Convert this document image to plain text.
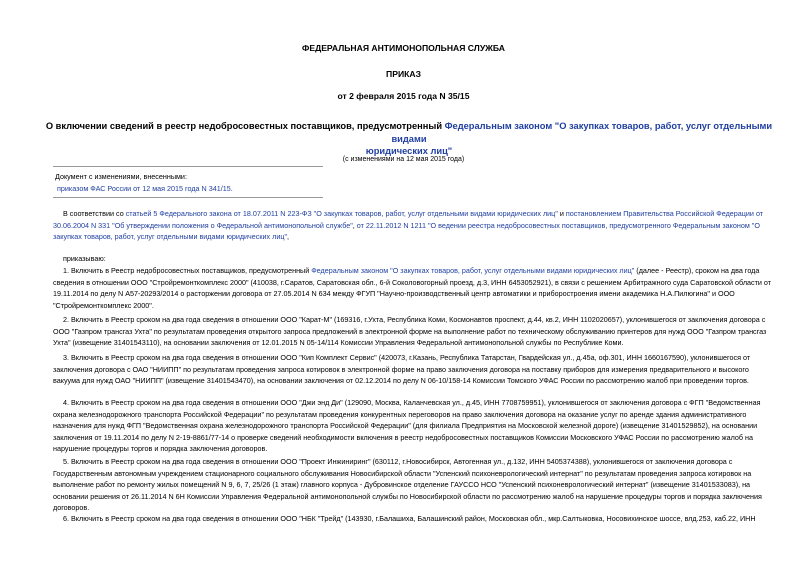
ФЕДЕРАЛЬНАЯ АНТИМОНОПОЛЬНАЯ СЛУЖБА

ПРИКАЗ

от 2 февраля 2015 года N 35/15

О включении сведений в реестр недобросовестных поставщиков, предусмотренный Федеральным законом "О закупках товаров, работ, услуг отдельными видами
юридических лиц"
(с изменениями на 12 мая 2015 года)
Документ с изменениями, внесенными:
приказом ФАС России от 12 мая 2015 года N 341/15.
В соответствии со статьей 5 Федерального закона от 18.07.2011 N 223-ФЗ "О закупках товаров, работ, услуг отдельными видами юридических лиц" и постановлением Правительства Российской Федерации от
30.06.2004 N 331 "Об утверждении положения о Федеральной антимонопольной службе", от 22.11.2012 N 1211 "О ведении реестра недобросовестных поставщиков, предусмотренного Федеральным законом "О
закупках товаров, работ, услуг отдельными видами юридических лиц",
приказываю:
1. Включить в Реестр недобросовестных поставщиков, предусмотренный Федеральным законом "О закупках товаров, работ, услуг отдельными видами юридических лиц" (далее - Реестр), сроком на два года
сведения в отношении ООО "Стройремонткомплекс 2000" (410038, г.Саратов, Саратовская обл., 6-й Соколовогорный проезд, д.3, ИНН 6453052921), в связи с решением Арбитражного суда Саратовской области от
19.11.2014 по делу N А57-20293/2014 о расторжении договора от 27.05.2014 N 634 между ФГУП "Научно-производственный центр автоматики и приборостроения имени академика Н.А.Пилюгина" и ООО
"Стройремонткомплекс 2000".
2. Включить в Реестр сроком на два года сведения в отношении ООО "Карат-М" (169316, г.Ухта, Республика Коми, Космонавтов проспект, д.44, кв.2, ИНН 1102020657), уклонившегося от заключения договора с
ООО "Газпром трансгаз Ухта" по результатам проведения открытого запроса предложений в электронной форме на выполнение работ по техническому обслуживанию принтеров для нужд ООО "Газпром трансгаз
Ухта" (извещение 31401543110), на основании заключения от 12.01.2015 N 05-14/114 Комиссии Управления Федеральной антимонопольной службы по Республике Коми.
3. Включить в Реестр сроком на два года сведения в отношении ООО "Кип Комплект Сервис" (420073, г.Казань, Республика Татарстан, Гвардейская ул., д.45а, оф.301, ИНН 1660167590), уклонившегося от
заключения договора с ОАО "НИИПП" по результатам проведения запроса котировок в электронной форме на право заключения договора на поставку приборов для измерения предварительного и высокого
вакуума для нужд ОАО "НИИПП" (извещение 31401543470), на основании заключения от 02.12.2014 по делу N 06-10/158-14 Комиссии Томского УФАС России по рассмотрению жалоб при проведении торгов.
4. Включить в Реестр сроком на два года сведения в отношении ООО "Джи энд Ди" (129090, Москва, Каланчевская ул., д.45, ИНН 7708759951), уклонившегося от заключения договора с ФГП "Ведомственная
охрана железнодорожного транспорта Российской Федерации" по результатам проведения конкурентных переговоров на право заключения договора на оказание услуг по аренде здания административного
назначения для нужд ФГП "Ведомственная охрана железнодорожного транспорта Российской Федерации" (для филиала Предприятия на Московской железной дороге) (извещение 31401529852), на основании
заключения от 19.11.2014 по делу N 2-19-8861/77-14 о проверке сведений необходимости включения в реестр недобросовестных поставщиков Комиссии Московского УФАС России по рассмотрению жалоб на
нарушение процедуры торгов и порядка заключения договоров.
5. Включить в Реестр сроком на два года сведения в отношении ООО "Проект Инжиниринг" (630112, г.Новосибирск, Автогенная ул., д.132, ИНН 5405374388), уклонившегося от заключения договора с
Государственным автономным учреждением стационарного социального обслуживания Новосибирской области "Успенский психоневрологический интернат" по результатам проведения запроса котировок на
выполнение работ по ремонту жилых помещений N 9, 6, 7, 25/26 (1 этаж) главного корпуса - Дубровинское отделение ГАУССО НСО "Успенский психоневрологический интернат" (извещение 31401533083), на
основании решения от 26.11.2014 N 6Н Комиссии Управления Федеральной антимонопольной службы по Новосибирской области по рассмотрению жалоб на нарушение процедуры торгов и порядка заключения
договоров.
6. Включить в Реестр сроком на два года сведения в отношении ООО "НБК "Трейд" (143930, г.Балашиха, Балашинский район, Московская обл., мкр.Салтыковка, Носовихинское шоссе, влд.253, каб.22, ИНН
